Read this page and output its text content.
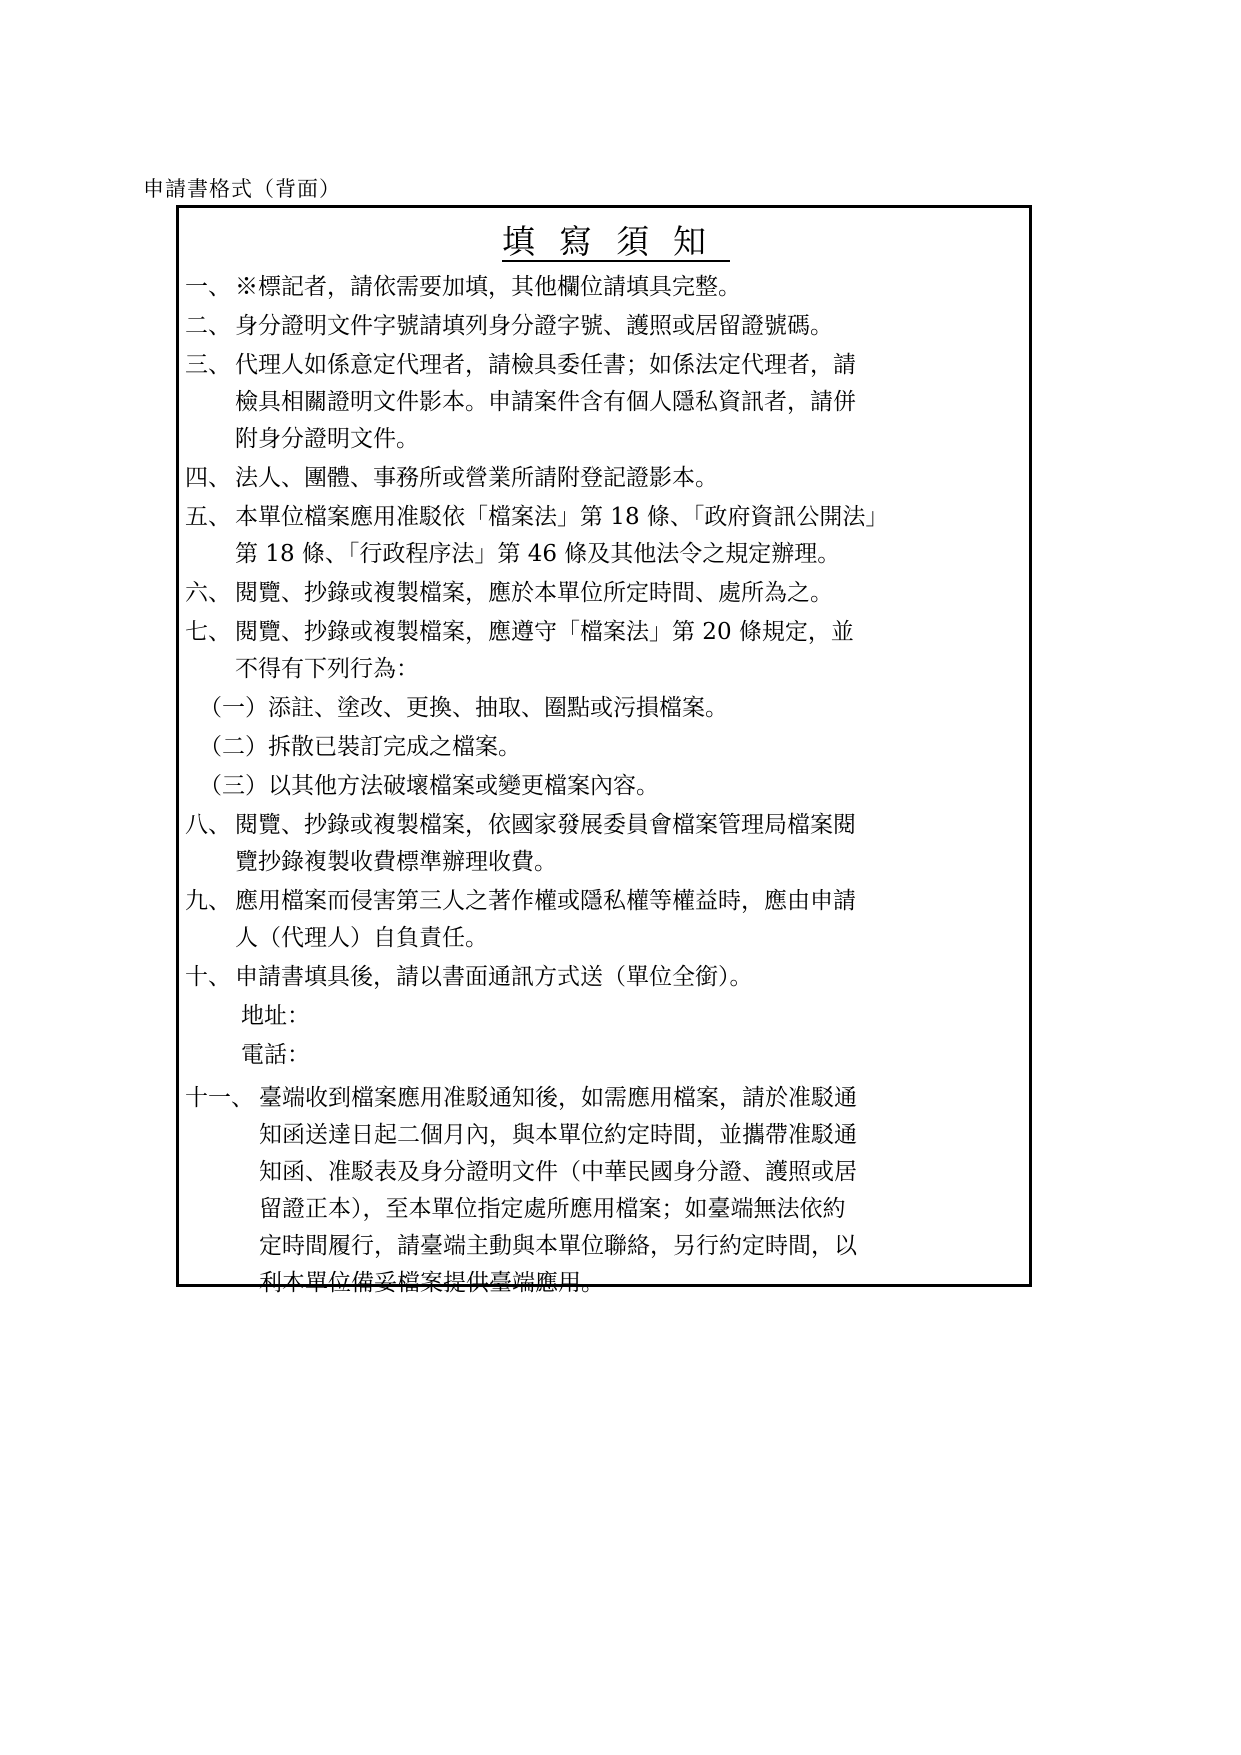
申請書格式（背面）
填寫須知
一、 ※標記者，請依需要加填，其他欄位請填具完整。
二、 身分證明文件字號請填列身分證字號、護照或居留證號碼。
三、 代理人如係意定代理者，請檢具委任書；如係法定代理者，請
檢具相關證明文件影本。申請案件含有個人隱私資訊者，請併
附身分證明文件。
四、 法人、團體、事務所或營業所請附登記證影本。
五、 本單位檔案應用准駁依「檔案法」第 18 條、「政府資訊公開法」
第 18 條、「行政程序法」第 46 條及其他法令之規定辦理。
六、 閱覽、抄錄或複製檔案，應於本單位所定時間、處所為之。
七、 閱覽、抄錄或複製檔案，應遵守「檔案法」第 20 條規定，並
不得有下列行為：
（一）添註、塗改、更換、抽取、圈點或污損檔案。
（二）拆散已裝訂完成之檔案。
（三）以其他方法破壞檔案或變更檔案內容。
八、 閱覽、抄錄或複製檔案，依國家發展委員會檔案管理局檔案閱
覽抄錄複製收費標準辦理收費。
九、 應用檔案而侵害第三人之著作權或隱私權等權益時，應由申請
人（代理人）自負責任。
十、 申請書填具後，請以書面通訊方式送（單位全銜）。
地址：
電話：
十一、 臺端收到檔案應用准駁通知後，如需應用檔案，請於准駁通
知函送達日起二個月內，與本單位約定時間，並攜帶准駁通
知函、准駁表及身分證明文件（中華民國身分證、護照或居
留證正本），至本單位指定處所應用檔案；如臺端無法依約
定時間履行，請臺端主動與本單位聯絡，另行約定時間，以
利本單位備妥檔案提供臺端應用。
